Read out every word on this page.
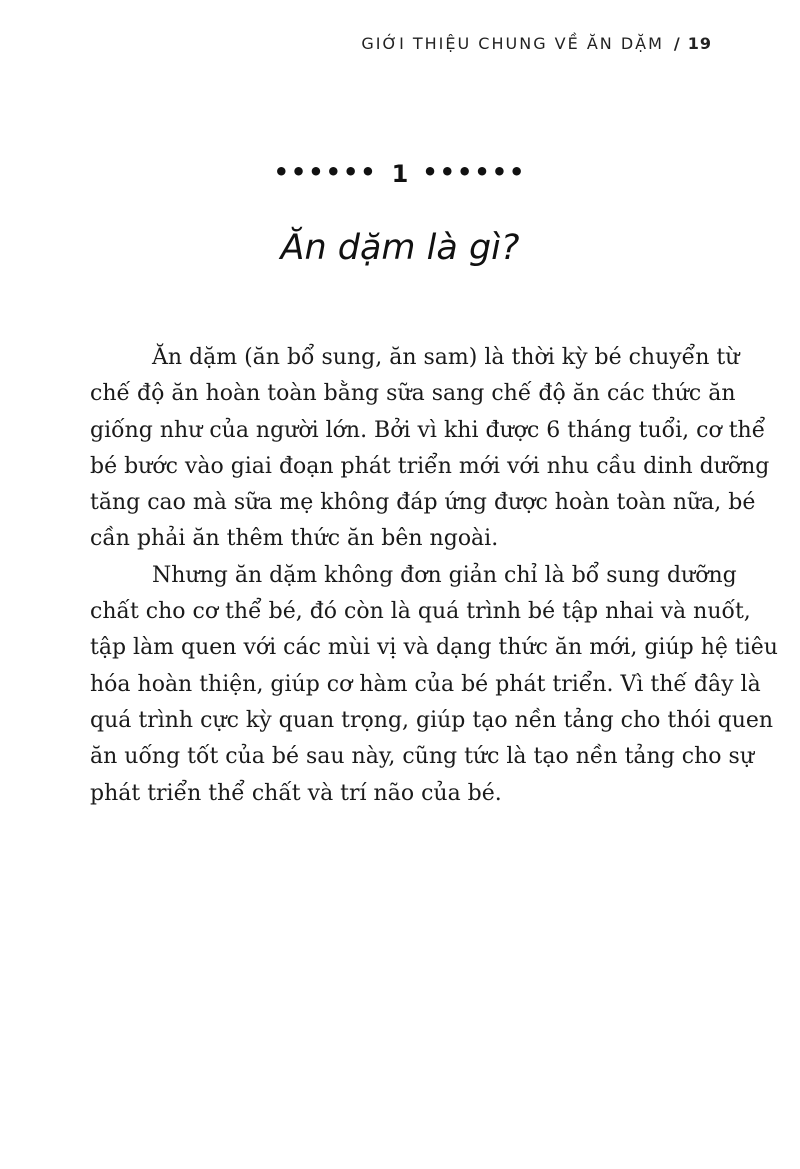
GIỚI THIỆU CHUNG VỀ ĂN DẶM / 19
•••••• 1 ••••••
Ăn dặm là gì?

Ăn dặm (ăn bổ sung, ăn sam) là thời kỳ bé chuyển từ
chế độ ăn hoàn toàn bằng sữa sang chế độ ăn các thức ăn
giống như của người lớn. Bởi vì khi được 6 tháng tuổi, cơ thể
bé bước vào giai đoạn phát triển mới với nhu cầu dinh dưỡng
tăng cao mà sữa mẹ không đáp ứng được hoàn toàn nữa, bé
cần phải ăn thêm thức ăn bên ngoài.

Nhưng ăn dặm không đơn giản chỉ là bổ sung dưỡng
chất cho cơ thể bé, đó còn là quá trình bé tập nhai và nuốt,
tập làm quen với các mùi vị và dạng thức ăn mới, giúp hệ tiêu
hóa hoàn thiện, giúp cơ hàm của bé phát triển. Vì thế đây là
quá trình cực kỳ quan trọng, giúp tạo nền tảng cho thói quen
ăn uống tốt của bé sau này, cũng tức là tạo nền tảng cho sự
phát triển thể chất và trí não của bé.
